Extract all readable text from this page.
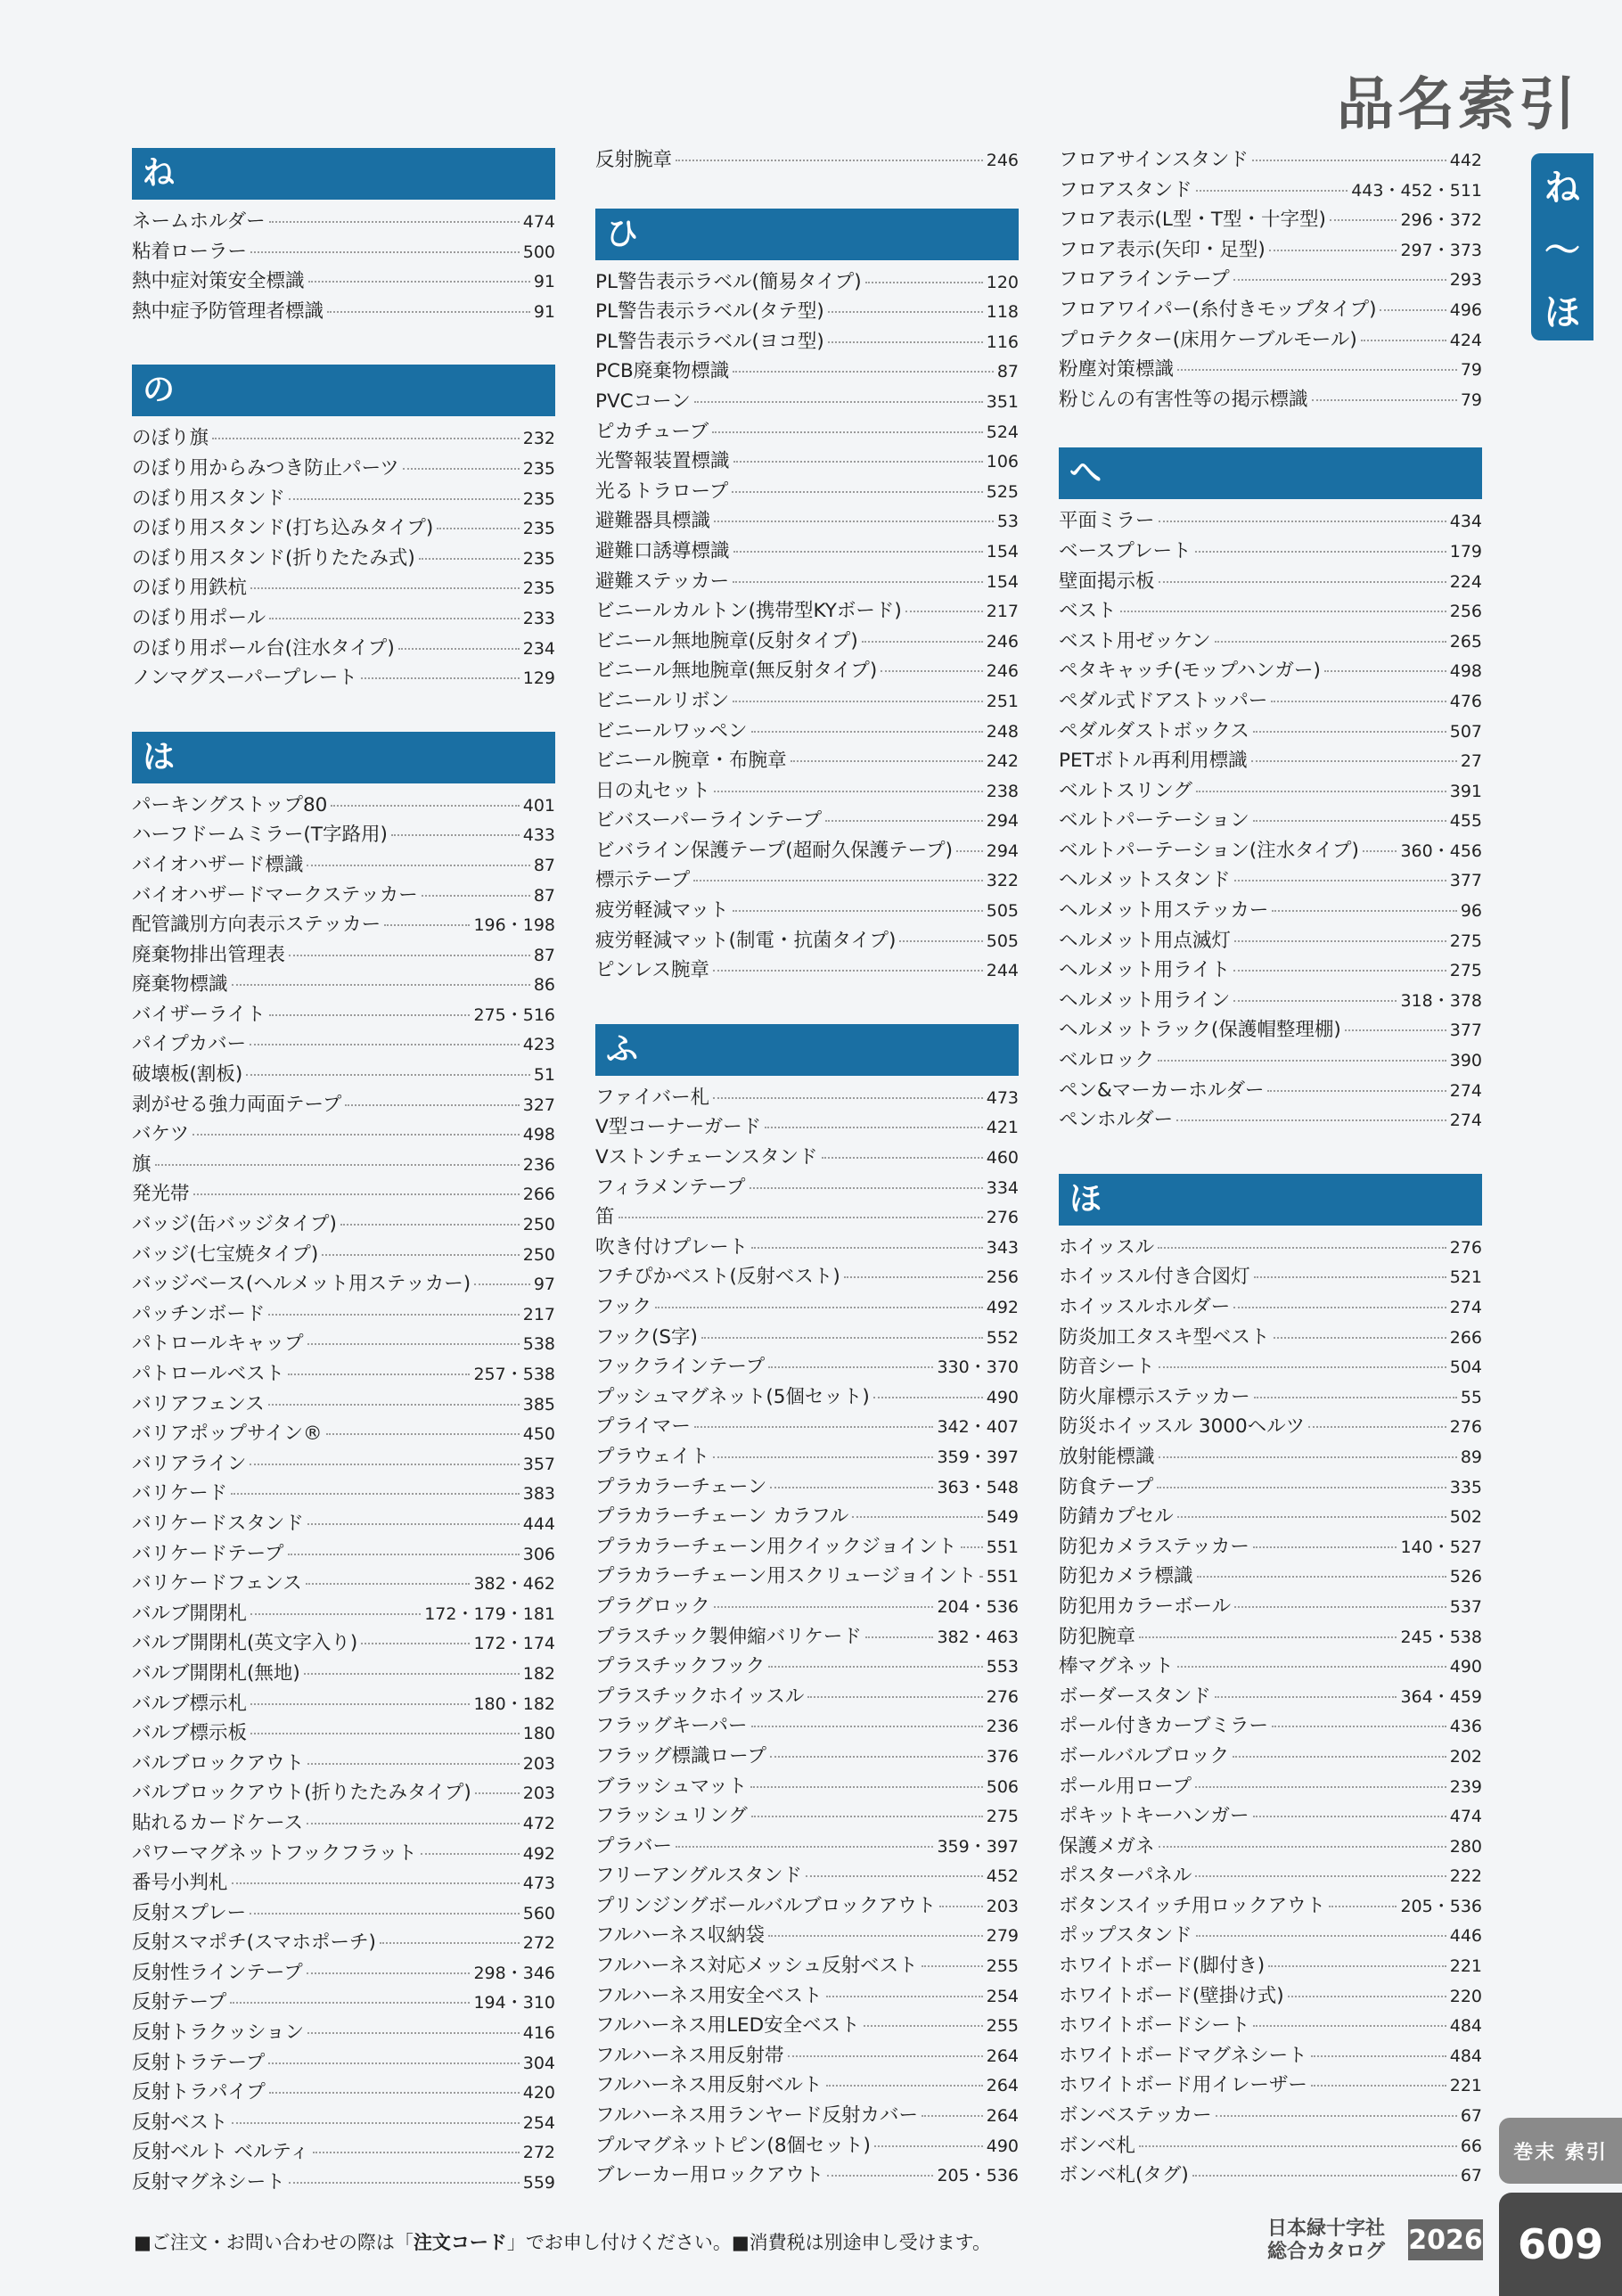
品名索引
ね
〜
ほ
ね
ネームホルダー	474
粘着ローラー	500
熱中症対策安全標識	91
熱中症予防管理者標識	91
の
のぼり旗	232
のぼり用からみつき防止パーツ	235
のぼり用スタンド	235
のぼり用スタンド(打ち込みタイプ)	235
のぼり用スタンド(折りたたみ式)	235
のぼり用鉄杭	235
のぼり用ポール	233
のぼり用ポール台(注水タイプ)	234
ノンマグスーパープレート	129
は
パーキングストップ80	401
ハーフドームミラー(T字路用)	433
バイオハザード標識	87
バイオハザードマークステッカー	87
配管識別方向表示ステッカー	196・198
廃棄物排出管理表	87
廃棄物標識	86
バイザーライト	275・516
パイプカバー	423
破壊板(割板)	51
剥がせる強力両面テープ	327
バケツ	498
旗	236
発光帯	266
バッジ(缶バッジタイプ)	250
バッジ(七宝焼タイプ)	250
バッジベース(ヘルメット用ステッカー)	97
パッチンボード	217
パトロールキャップ	538
パトロールベスト	257・538
バリアフェンス	385
バリアポップサイン®	450
バリアライン	357
バリケード	383
バリケードスタンド	444
バリケードテープ	306
バリケードフェンス	382・462
バルブ開閉札	172・179・181
バルブ開閉札(英文字入り)	172・174
バルブ開閉札(無地)	182
バルブ標示札	180・182
バルブ標示板	180
バルブロックアウト	203
バルブロックアウト(折りたたみタイプ)	203
貼れるカードケース	472
パワーマグネットフックフラット	492
番号小判札	473
反射スプレー	560
反射スマポチ(スマホポーチ)	272
反射性ラインテープ	298・346
反射テープ	194・310
反射トラクッション	416
反射トラテープ	304
反射トラパイプ	420
反射ベスト	254
反射ベルト ベルティ	272
反射マグネシート	559
反射腕章	246
ひ
PL警告表示ラベル(簡易タイプ)	120
PL警告表示ラベル(タテ型)	118
PL警告表示ラベル(ヨコ型)	116
PCB廃棄物標識	87
PVCコーン	351
ピカチューブ	524
光警報装置標識	106
光るトラロープ	525
避難器具標識	53
避難口誘導標識	154
避難ステッカー	154
ビニールカルトン(携帯型KYボード)	217
ビニール無地腕章(反射タイプ)	246
ビニール無地腕章(無反射タイプ)	246
ビニールリボン	251
ビニールワッペン	248
ビニール腕章・布腕章	242
日の丸セット	238
ビバスーパーラインテープ	294
ビバライン保護テープ(超耐久保護テープ) 294
標示テープ	322
疲労軽減マット	505
疲労軽減マット(制電・抗菌タイプ)	505
ピンレス腕章	244
ふ
ファイバー札	473
V型コーナーガード	421
Vストンチェーンスタンド	460
フィラメンテープ	334
笛	276
吹き付けプレート	343
フチぴかベスト(反射ベスト)	256
フック	492
フック(S字)	552
フックラインテープ	330・370
プッシュマグネット(5個セット)	490
プライマー	342・407
プラウェイト	359・397
プラカラーチェーン	363・548
プラカラーチェーン カラフル	549
プラカラーチェーン用クイックジョイント 551
プラカラーチェーン用スクリュージョイント 551
プラグロック	204・536
プラスチック製伸縮バリケード	382・463
プラスチックフック	553
プラスチックホイッスル	276
フラッグキーパー	236
フラッグ標識ロープ	376
ブラッシュマット	506
フラッシュリング	275
プラバー	359・397
フリーアングルスタンド	452
プリンジングボールバルブロックアウト	203
フルハーネス収納袋	279
フルハーネス対応メッシュ反射ベスト	255
フルハーネス用安全ベスト	254
フルハーネス用LED安全ベスト	255
フルハーネス用反射帯	264
フルハーネス用反射ベルト	264
フルハーネス用ランヤード反射カバー	264
プルマグネットピン(8個セット)	490
ブレーカー用ロックアウト	205・536
フロアサインスタンド	442
フロアスタンド	443・452・511
フロア表示(L型・T型・十字型)	296・372
フロア表示(矢印・足型)	297・373
フロアラインテープ	293
フロアワイパー(糸付きモップタイプ)	496
プロテクター(床用ケーブルモール)	424
粉塵対策標識	79
粉じんの有害性等の掲示標識	79
へ
平面ミラー	434
ベースプレート	179
壁面掲示板	224
ベスト	256
ベスト用ゼッケン	265
ペタキャッチ(モップハンガー)	498
ペダル式ドアストッパー	476
ペダルダストボックス	507
PETボトル再利用標識	27
ベルトスリング	391
ベルトパーテーション	455
ベルトパーテーション(注水タイプ) 360・456
ヘルメットスタンド	377
ヘルメット用ステッカー	96
ヘルメット用点滅灯	275
ヘルメット用ライト	275
ヘルメット用ライン	318・378
ヘルメットラック(保護帽整理棚)	377
ベルロック	390
ペン&マーカーホルダー	274
ペンホルダー	274
ほ
ホイッスル	276
ホイッスル付き合図灯	521
ホイッスルホルダー	274
防炎加工タスキ型ベスト	266
防音シート	504
防火扉標示ステッカー	55
防災ホイッスル 3000ヘルツ	276
放射能標識	89
防食テープ	335
防錆カプセル	502
防犯カメラステッカー	140・527
防犯カメラ標識	526
防犯用カラーボール	537
防犯腕章	245・538
棒マグネット	490
ボーダースタンド	364・459
ポール付きカーブミラー	436
ボールバルブロック	202
ポール用ロープ	239
ポキットキーハンガー	474
保護メガネ	280
ポスターパネル	222
ボタンスイッチ用ロックアウト	205・536
ポップスタンド	446
ホワイトボード(脚付き)	221
ホワイトボード(壁掛け式)	220
ホワイトボードシート	484
ホワイトボードマグネシート	484
ホワイトボード用イレーザー	221
ボンベステッカー	67
ボンベ札	66
ボンベ札(タグ)	67
■ご注文・お問い合わせの際は「注文コード」でお申し付けください。■消費税は別途申し受けます。
巻末 索引
日本緑十字社
総合カタログ 2026 609
